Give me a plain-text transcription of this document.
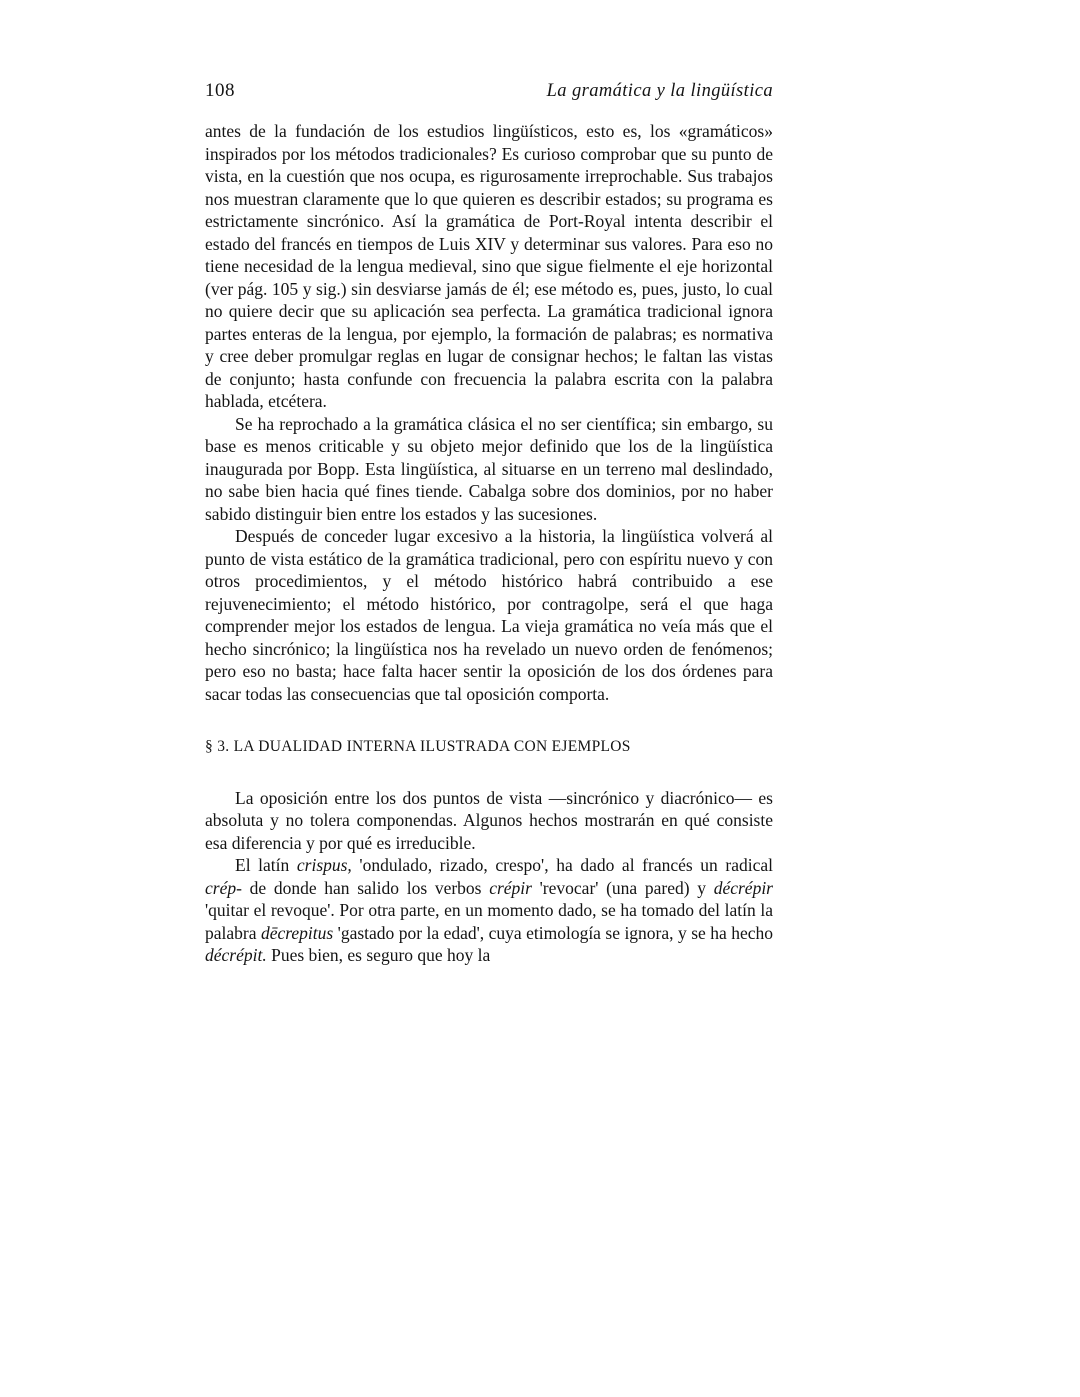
108	La gramática y la lingüística

antes de la fundación de los estudios lingüísticos, esto es, los «gramáticos» inspirados por los métodos tradicionales? Es curioso comprobar que su punto de vista, en la cuestión que nos ocupa, es rigurosamente irreprochable. Sus trabajos nos muestran claramente que lo que quieren es describir estados; su programa es estrictamente sincrónico. Así la gramática de Port-Royal intenta describir el estado del francés en tiempos de Luis XIV y determinar sus valores. Para eso no tiene necesidad de la lengua medieval, sino que sigue fielmente el eje horizontal (ver pág. 105 y sig.) sin desviarse jamás de él; ese método es, pues, justo, lo cual no quiere decir que su aplicación sea perfecta. La gramática tradicional ignora partes enteras de la lengua, por ejemplo, la formación de palabras; es normativa y cree deber promulgar reglas en lugar de consignar hechos; le faltan las vistas de conjunto; hasta confunde con frecuencia la palabra escrita con la palabra hablada, etcétera.

Se ha reprochado a la gramática clásica el no ser científica; sin embargo, su base es menos criticable y su objeto mejor definido que los de la lingüística inaugurada por Bopp. Esta lingüística, al situarse en un terreno mal deslindado, no sabe bien hacia qué fines tiende. Cabalga sobre dos dominios, por no haber sabido distinguir bien entre los estados y las sucesiones.

Después de conceder lugar excesivo a la historia, la lingüística volverá al punto de vista estático de la gramática tradicional, pero con espíritu nuevo y con otros procedimientos, y el método histórico habrá contribuido a ese rejuvenecimiento; el método histórico, por contragolpe, será el que haga comprender mejor los estados de lengua. La vieja gramática no veía más que el hecho sincrónico; la lingüística nos ha revelado un nuevo orden de fenómenos; pero eso no basta; hace falta hacer sentir la oposición de los dos órdenes para sacar todas las consecuencias que tal oposición comporta.

§ 3. LA DUALIDAD INTERNA ILUSTRADA CON EJEMPLOS

La oposición entre los dos puntos de vista —sincrónico y diacrónico— es absoluta y no tolera componendas. Algunos hechos mostrarán en qué consiste esa diferencia y por qué es irreducible.

El latín crispus, 'ondulado, rizado, crespo', ha dado al francés un radical crép- de donde han salido los verbos crépir 'revocar' (una pared) y décrépir 'quitar el revoque'. Por otra parte, en un momento dado, se ha tomado del latín la palabra dēcrepitus 'gastado por la edad', cuya etimología se ignora, y se ha hecho décrépit. Pues bien, es seguro que hoy la
